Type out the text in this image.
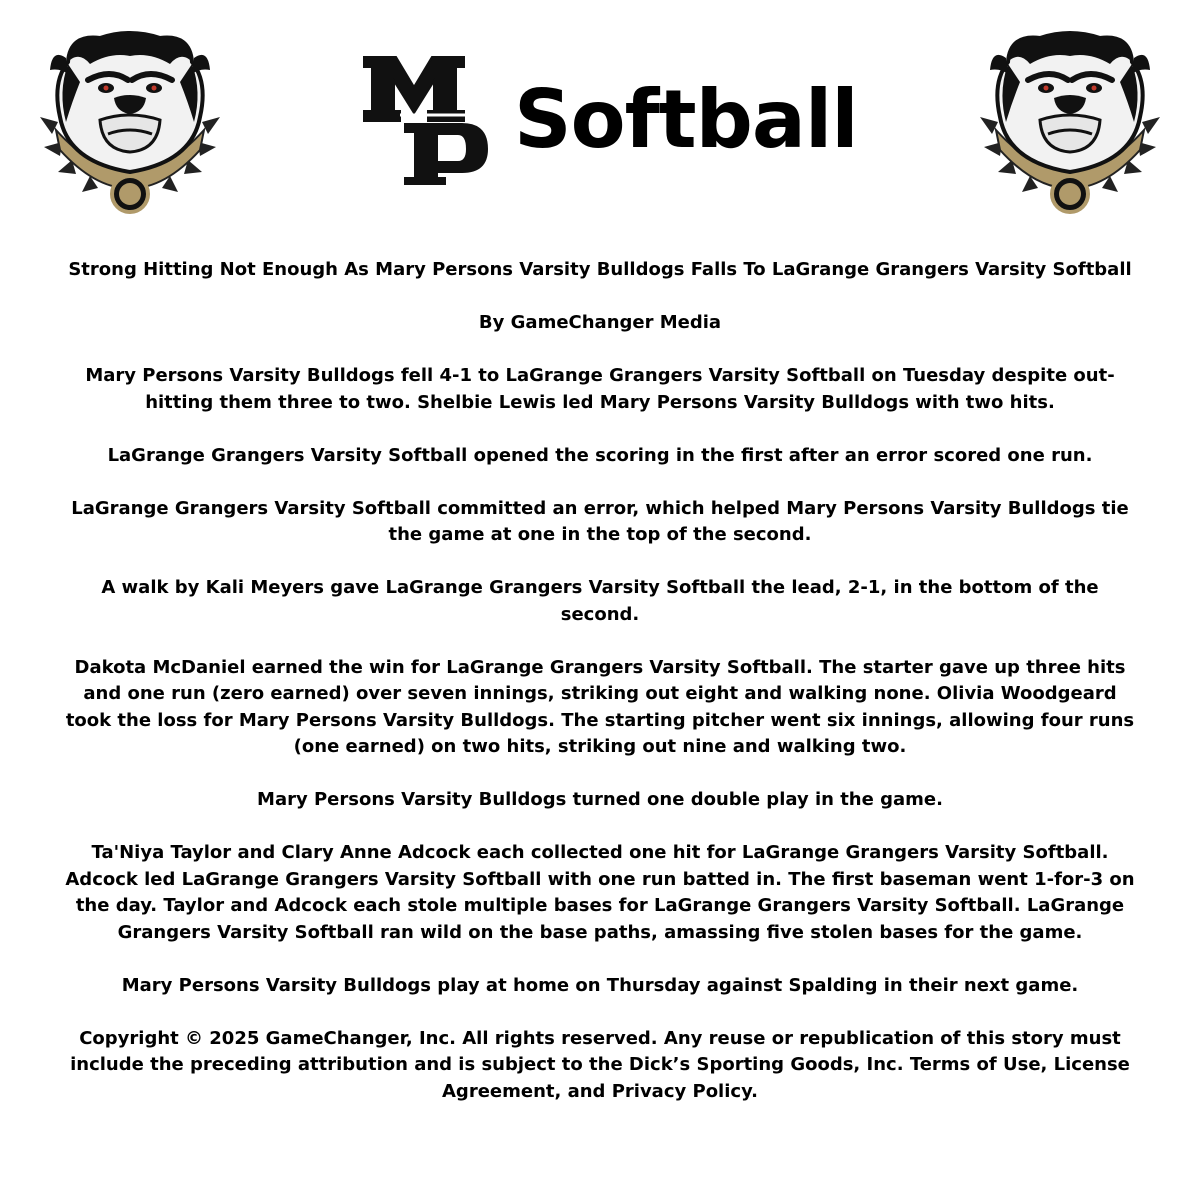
Softball

Strong Hitting Not Enough As Mary Persons Varsity Bulldogs Falls To LaGrange Grangers Varsity Softball

By GameChanger Media

Mary Persons Varsity Bulldogs fell 4-1 to LaGrange Grangers Varsity Softball on Tuesday despite out-hitting them three to two. Shelbie Lewis led Mary Persons Varsity Bulldogs with two hits.

LaGrange Grangers Varsity Softball opened the scoring in the first after an error scored one run.

LaGrange Grangers Varsity Softball committed an error, which helped Mary Persons Varsity Bulldogs tie the game at one in the top of the second.

A walk by Kali Meyers gave LaGrange Grangers Varsity Softball the lead, 2-1, in the bottom of the second.

Dakota McDaniel earned the win for LaGrange Grangers Varsity Softball. The starter gave up three hits and one run (zero earned) over seven innings, striking out eight and walking none. Olivia Woodgeard took the loss for Mary Persons Varsity Bulldogs. The starting pitcher went six innings, allowing four runs (one earned) on two hits, striking out nine and walking two.

Mary Persons Varsity Bulldogs turned one double play in the game.

Ta'Niya Taylor and Clary Anne Adcock each collected one hit for LaGrange Grangers Varsity Softball. Adcock led LaGrange Grangers Varsity Softball with one run batted in. The first baseman went 1-for-3 on the day. Taylor and Adcock each stole multiple bases for LaGrange Grangers Varsity Softball. LaGrange Grangers Varsity Softball ran wild on the base paths, amassing five stolen bases for the game.

Mary Persons Varsity Bulldogs play at home on Thursday against Spalding in their next game.

Copyright © 2025 GameChanger, Inc. All rights reserved. Any reuse or republication of this story must include the preceding attribution and is subject to the Dick’s Sporting Goods, Inc. Terms of Use, License Agreement, and Privacy Policy.
